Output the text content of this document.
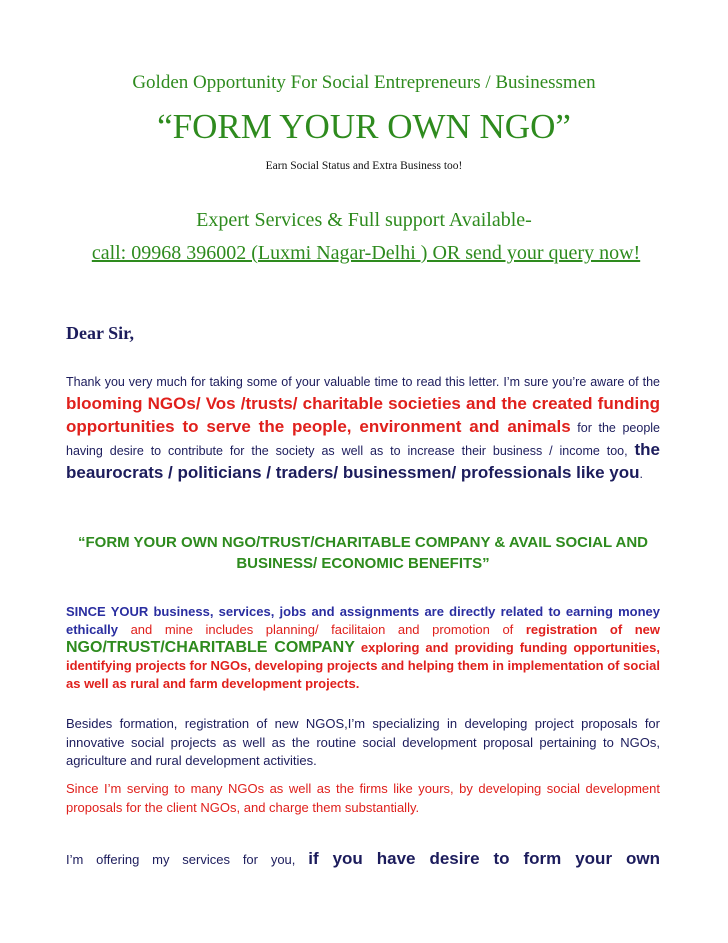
Golden Opportunity For Social Entrepreneurs / Businessmen
“FORM YOUR OWN NGO”
Earn Social Status and Extra Business too!
Expert Services & Full support Available-
call: 09968 396002 (Luxmi Nagar-Delhi ) OR send your query now!
Dear Sir,
Thank you very much for taking some of your valuable time to read this letter. I’m sure you’re aware of the blooming NGOs/ Vos /trusts/ charitable societies and the created funding opportunities to serve the people, environment and animals for the people having desire to contribute for the society as well as to increase their business / income too, the beaurocrats / politicians / traders/ businessmen/ professionals like you.
“FORM YOUR OWN NGO/TRUST/CHARITABLE COMPANY & AVAIL SOCIAL AND BUSINESS/ ECONOMIC BENEFITS”
SINCE YOUR business, services, jobs and assignments are directly related to earning money ethically and mine includes planning/ facilitaion and promotion of registration of new NGO/TRUST/CHARITABLE COMPANY exploring and providing funding opportunities, identifying projects for NGOs, developing projects and helping them in implementation of social as well as rural and farm development projects.
Besides formation, registration of new NGOS,I’m specializing in developing project proposals for innovative social projects as well as the routine social development proposal pertaining to NGOs, agriculture and rural development activities.
Since I’m serving to many NGOs as well as the firms like yours, by developing social development proposals for the client NGOs, and charge them substantially.
I’m offering my services for you, if you have desire to form your own
